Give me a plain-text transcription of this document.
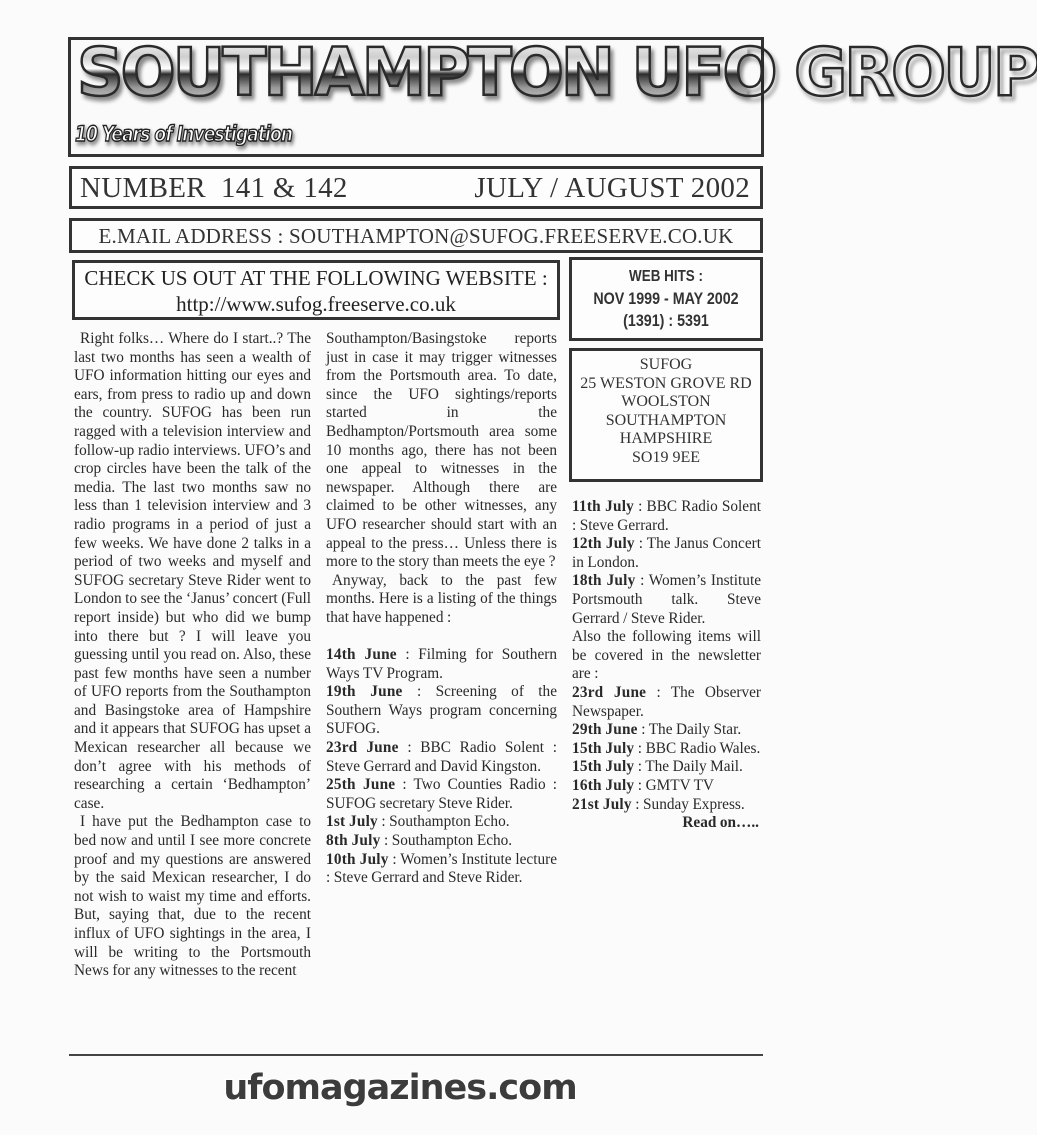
SOUTHAMPTON UFO GROUP
10 Years of Investigation
NUMBER  141 & 142	JULY / AUGUST 2002
E.MAIL ADDRESS : SOUTHAMPTON@SUFOG.FREESERVE.CO.UK
CHECK US OUT AT THE FOLLOWING WEBSITE :
http://www.sufog.freeserve.co.uk
WEB HITS :
NOV 1999 - MAY 2002
(1391) : 5391
SUFOG
25 WESTON GROVE RD
WOOLSTON
SOUTHAMPTON
HAMPSHIRE
SO19 9EE

Right folks… Where do I start..? The last two months has seen a wealth of UFO information hitting our eyes and ears, from press to radio up and down the country. SUFOG has been run ragged with a television interview and follow-up radio interviews. UFO’s and crop circles have been the talk of the media. The last two months saw no less than 1 television interview and 3 radio programs in a period of just a few weeks. We have done 2 talks in a period of two weeks and myself and SUFOG secretary Steve Rider went to London to see the ‘Janus’ concert (Full report inside) but who did we bump into there but ? I will leave you guessing until you read on. Also, these past few months have seen a number of UFO reports from the Southampton and Basingstoke area of Hampshire and it appears that SUFOG has upset a Mexican researcher all because we don’t agree with his methods of researching a certain ‘Bedhampton’ case.

I have put the Bedhampton case to bed now and until I see more concrete proof and my questions are answered by the said Mexican researcher, I do not wish to waist my time and efforts. But, saying that, due to the recent influx of UFO sightings in the area, I will be writing to the Portsmouth News for any witnesses to the recent

Southampton/Basingstoke reports just in case it may trigger witnesses from the Portsmouth area. To date, since the UFO sightings/reports started in the Bedhampton/Portsmouth area some 10 months ago, there has not been one appeal to witnesses in the newspaper. Although there are claimed to be other witnesses, any UFO researcher should start with an appeal to the press… Unless there is more to the story than meets the eye ?

Anyway, back to the past few months. Here is a listing of the things that have happened :

14th June : Filming for Southern Ways TV Program.

19th June : Screening of the Southern Ways program concerning SUFOG.

23rd June : BBC Radio Solent : Steve Gerrard and David Kingston.

25th June : Two Counties Radio : SUFOG secretary Steve Rider.

1st July : Southampton Echo.

8th July : Southampton Echo.

10th July : Women’s Institute lecture : Steve Gerrard and Steve Rider.

11th July : BBC Radio Solent : Steve Gerrard.

12th July : The Janus Concert in London.

18th July : Women’s Institute Portsmouth talk. Steve Gerrard / Steve Rider.

Also the following items will be covered in the newsletter are :

23rd June : The Observer Newspaper.

29th June : The Daily Star.

15th July : BBC Radio Wales.

15th July : The Daily Mail.

16th July : GMTV TV

21st July : Sunday Express.

Read on…..

ufomagazines.com
